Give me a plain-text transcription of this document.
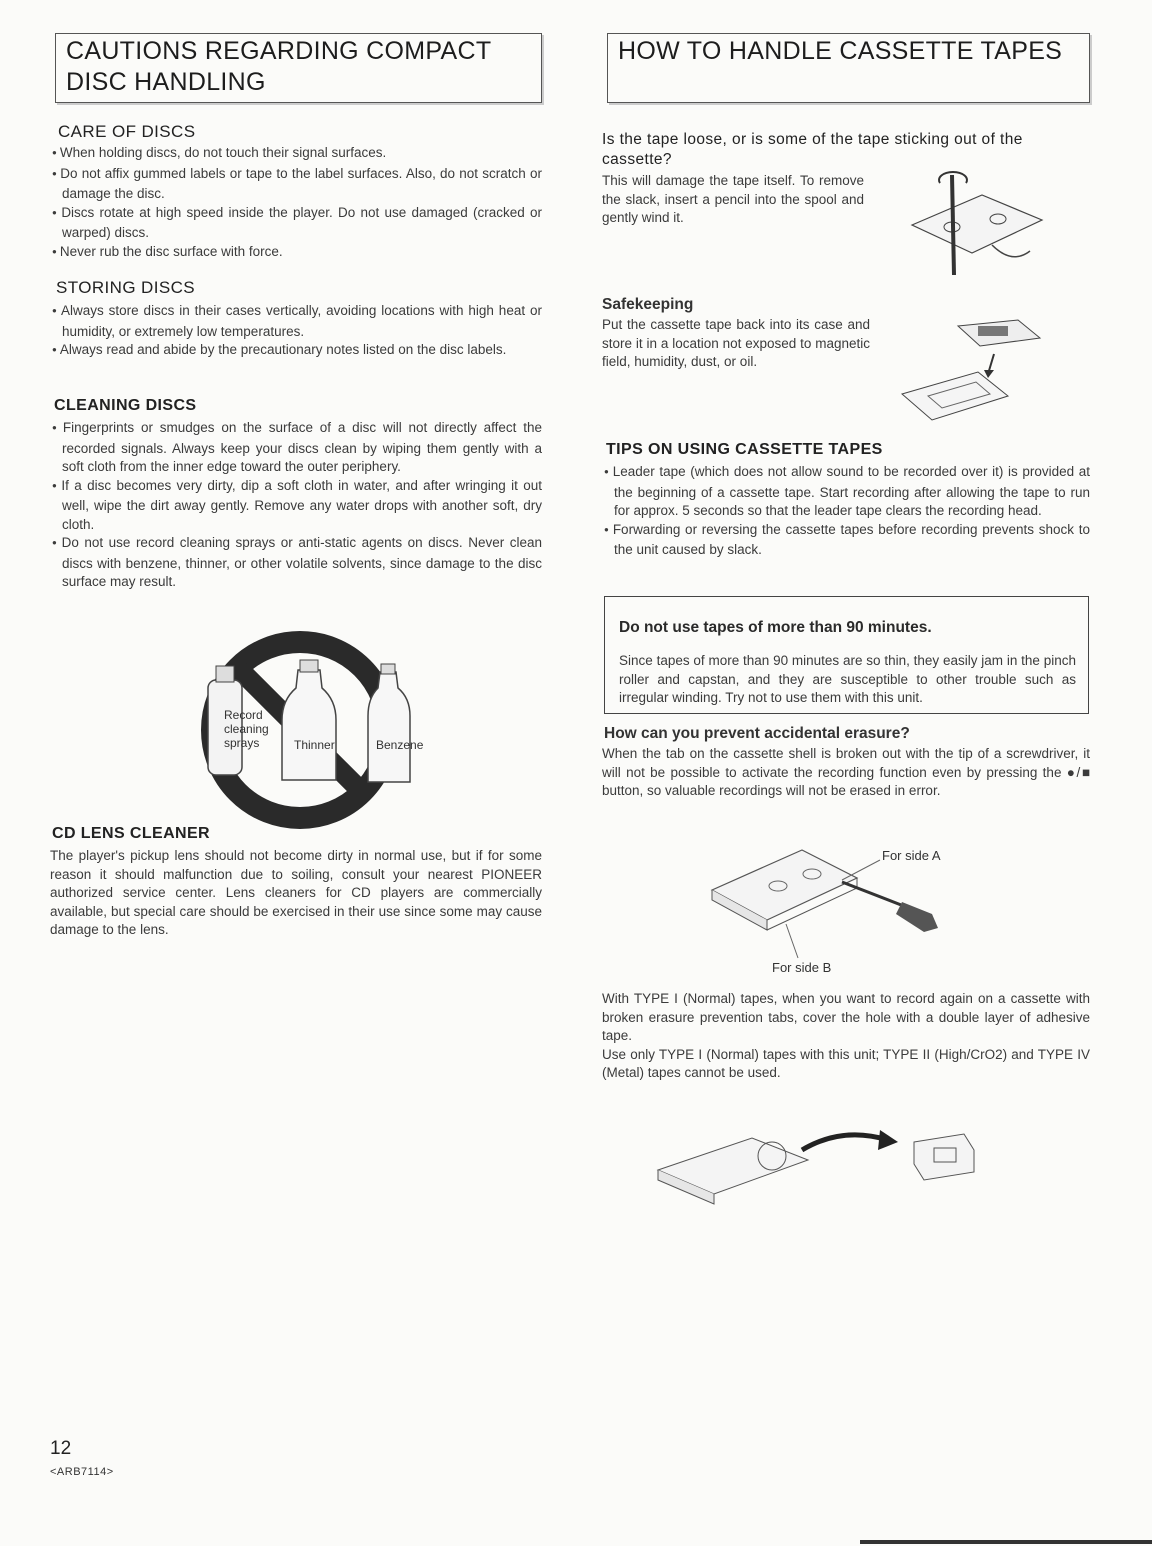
CAUTIONS REGARDING COMPACT DISC HANDLING
CARE OF DISCS
● When holding discs, do not touch their signal surfaces.
● Do not affix gummed labels or tape to the label surfaces. Also, do not scratch or damage the disc.
● Discs rotate at high speed inside the player. Do not use damaged (cracked or warped) discs.
● Never rub the disc surface with force.
STORING DISCS
● Always store discs in their cases vertically, avoiding locations with high heat or humidity, or extremely low temperatures.
● Always read and abide by the precautionary notes listed on the disc labels.
CLEANING DISCS
● Fingerprints or smudges on the surface of a disc will not directly affect the recorded signals. Always keep your discs clean by wiping them gently with a soft cloth from the inner edge toward the outer periphery.
● If a disc becomes very dirty, dip a soft cloth in water, and after wringing it out well, wipe the dirt away gently. Remove any water drops with another soft, dry cloth.
● Do not use record cleaning sprays or anti-static agents on discs. Never clean discs with benzene, thinner, or other volatile solvents, since damage to the disc surface may result.
Record
cleaning
sprays	Thinner	Benzene
CD LENS CLEANER

The player's pickup lens should not become dirty in normal use, but if for some reason it should malfunction due to soiling, consult your nearest PIONEER authorized service center. Lens cleaners for CD players are commercially available, but special care should be exercised in their use since some may cause damage to the lens.

HOW TO HANDLE CASSETTE TAPES
Is the tape loose, or is some of the tape sticking out of the cassette?

This will damage the tape itself. To remove the slack, insert a pencil into the spool and gently wind it.

Safekeeping

Put the cassette tape back into its case and store it in a location not exposed to magnetic field, humidity, dust, or oil.

TIPS ON USING CASSETTE TAPES
● Leader tape (which does not allow sound to be recorded over it) is provided at the beginning of a cassette tape. Start recording after allowing the tape to run for approx. 5 seconds so that the leader tape clears the recording head.
● Forwarding or reversing the cassette tapes before recording prevents shock to the unit caused by slack.
Do not use tapes of more than 90 minutes.

Since tapes of more than 90 minutes are so thin, they easily jam in the pinch roller and capstan, and they are susceptible to other trouble such as irregular winding. Try not to use them with this unit.

How can you prevent accidental erasure?

When the tab on the cassette shell is broken out with the tip of a screwdriver, it will not be possible to activate the recording function even by pressing the ●/■ button, so valuable recordings will not be erased in error.

For side A
For side B

With TYPE I (Normal) tapes, when you want to record again on a cassette with broken erasure prevention tabs, cover the hole with a double layer of adhesive tape.

Use only TYPE I (Normal) tapes with this unit; TYPE II (High/CrO2) and TYPE IV (Metal) tapes cannot be used.

12
<ARB7114>
